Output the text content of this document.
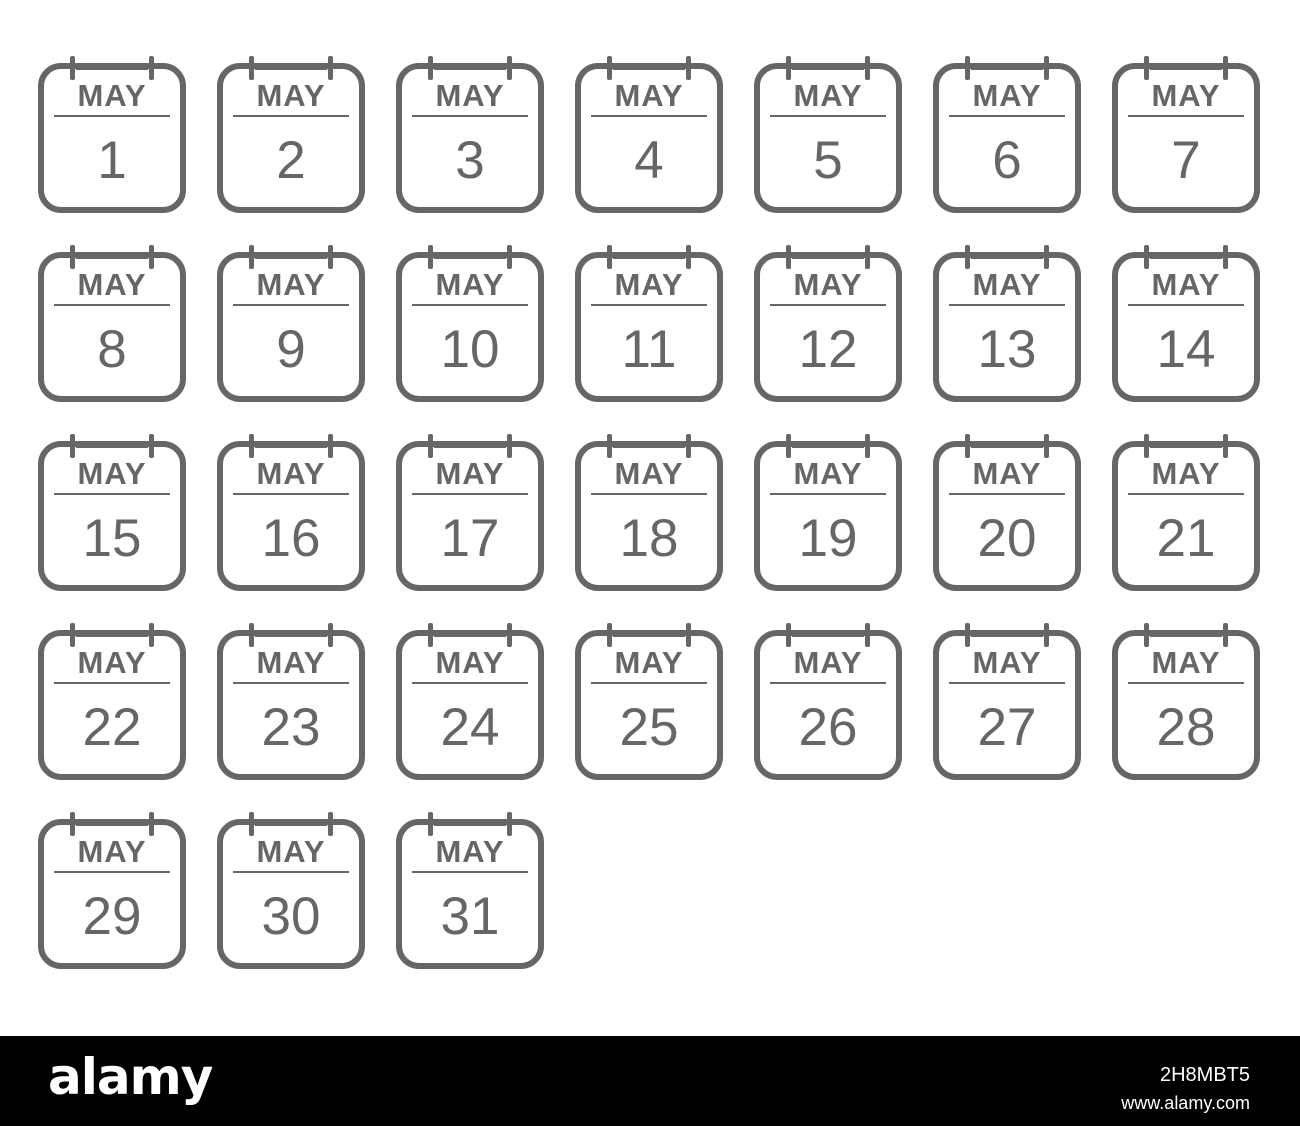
MAY
1
MAY
2
MAY
3
MAY
4
MAY
5
MAY
6
MAY
7
MAY
8
MAY
9
MAY
10
MAY
11
MAY
12
MAY
13
MAY
14
MAY
15
MAY
16
MAY
17
MAY
18
MAY
19
MAY
20
MAY
21
MAY
22
MAY
23
MAY
24
MAY
25
MAY
26
MAY
27
MAY
28
MAY
29
MAY
30
MAY
31
alamy	2H8MBT5
www.alamy.com
